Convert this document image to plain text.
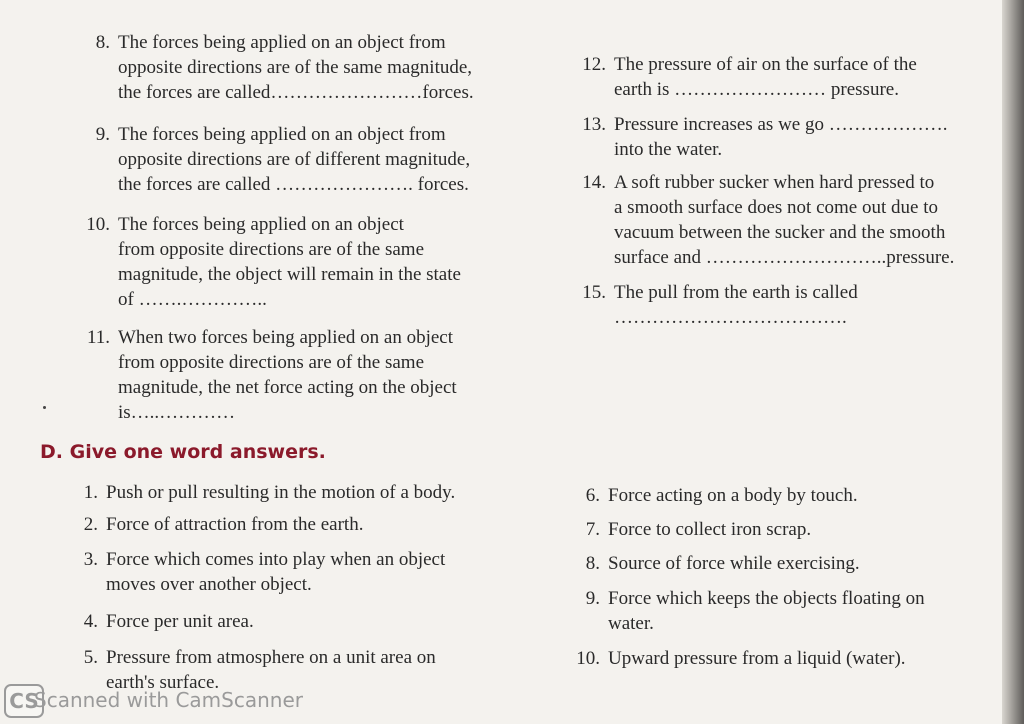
8. The forces being applied on an object from
opposite directions are of the same magnitude,
the forces are called……………………forces.
9. The forces being applied on an object from
opposite directions are of different magnitude,
the forces are called …………………. forces.
10. The forces being applied on an object
from opposite directions are of the same
magnitude, the object will remain in the state
of …….…………..
11. When two forces being applied on an object
from opposite directions are of the same
magnitude, the net force acting on the object
is…..…………
12. The pressure of air on the surface of the
earth is …………………… pressure.
13. Pressure increases as we go ……………….
into the water.
14. A soft rubber sucker when hard pressed to
a smooth surface does not come out due to
vacuum between the sucker and the smooth
surface and ………………………..pressure.
15. The pull from the earth is called
……………………………….
D. Give one word answers.
1. Push or pull resulting in the motion of a body.
2. Force of attraction from the earth.
3. Force which comes into play when an object
moves over another object.
4. Force per unit area.
5. Pressure from atmosphere on a unit area on
earth's surface.
6. Force acting on a body by touch.
7. Force to collect iron scrap.
8. Source of force while exercising.
9. Force which keeps the objects floating on
water.
10. Upward pressure from a liquid (water).
CS
Scanned with CamScanner
